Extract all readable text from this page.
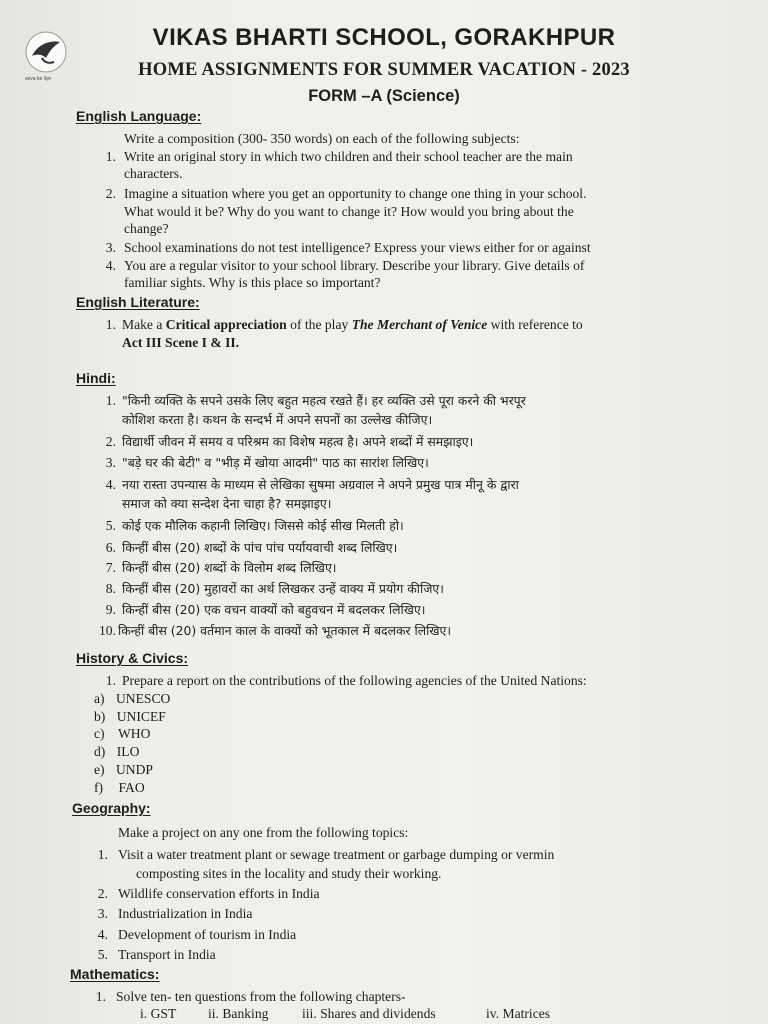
seva ke liye
VIKAS BHARTI SCHOOL, GORAKHPUR
HOME ASSIGNMENTS FOR SUMMER VACATION - 2023
FORM –A (Science)
English Language:
Write a composition (300- 350 words) on each of the following subjects:
1. Write an original story in which two children and their school teacher are the main
characters.
2. Imagine a situation where you get an opportunity to change one thing in your school.
What would it be? Why do you want to change it? How would you bring about the
change?
3. School examinations do not test intelligence? Express your views either for or against
4. You are a regular visitor to your school library. Describe your library. Give details of
familiar sights. Why is this place so important?
English Literature:
1. Make a Critical appreciation of the play The Merchant of Venice with reference to
Act III Scene I & II.
Hindi:
1. "किनी व्यक्ति के सपने उसके लिए बहुत महत्व रखते हैं। हर व्यक्ति उसे पूरा करने की भरपूर
कोशिश करता है। कथन के सन्दर्भ में अपने सपनों का उल्लेख कीजिए।
2. विद्यार्थी जीवन में समय व परिश्रम का विशेष महत्व है। अपने शब्दों में समझाइए।
3. "बड़े घर की बेटी" व "भीड़ में खोया आदमी" पाठ का सारांश लिखिए।
4. नया रास्ता उपन्यास के माध्यम से लेखिका सुषमा अग्रवाल ने अपने प्रमुख पात्र मीनू के द्वारा
समाज को क्या सन्देश देना चाहा है? समझाइए।
5. कोई एक मौलिक कहानी लिखिए। जिससे कोई सीख मिलती हो।
6. किन्हीं बीस (20) शब्दों के पांच पांच पर्यायवाची शब्द लिखिए।
7. किन्हीं बीस (20) शब्दों के विलोम शब्द लिखिए।
8. किन्हीं बीस (20) मुहावरों का अर्थ लिखकर उन्हें वाक्य में प्रयोग कीजिए।
9. किन्हीं बीस (20) एक वचन वाक्यों को बहुवचन में बदलकर लिखिए।
10. किन्हीं बीस (20) वर्तमान काल के वाक्यों को भूतकाल में बदलकर लिखिए।
History & Civics:
1. Prepare a report on the contributions of the following agencies of the United Nations:
a) UNESCO
b) UNICEF
c) WHO
d) ILO
e) UNDP
f) FAO
Geography:
Make a project on any one from the following topics:
1. Visit a water treatment plant or sewage treatment or garbage dumping or vermin
composting sites in the locality and study their working.
2. Wildlife conservation efforts in India
3. Industrialization in India
4. Development of tourism in India
5. Transport in India
Mathematics:
1. Solve ten- ten questions from the following chapters-
i. GST ii. Banking iii. Shares and dividends	iv. Matrices
